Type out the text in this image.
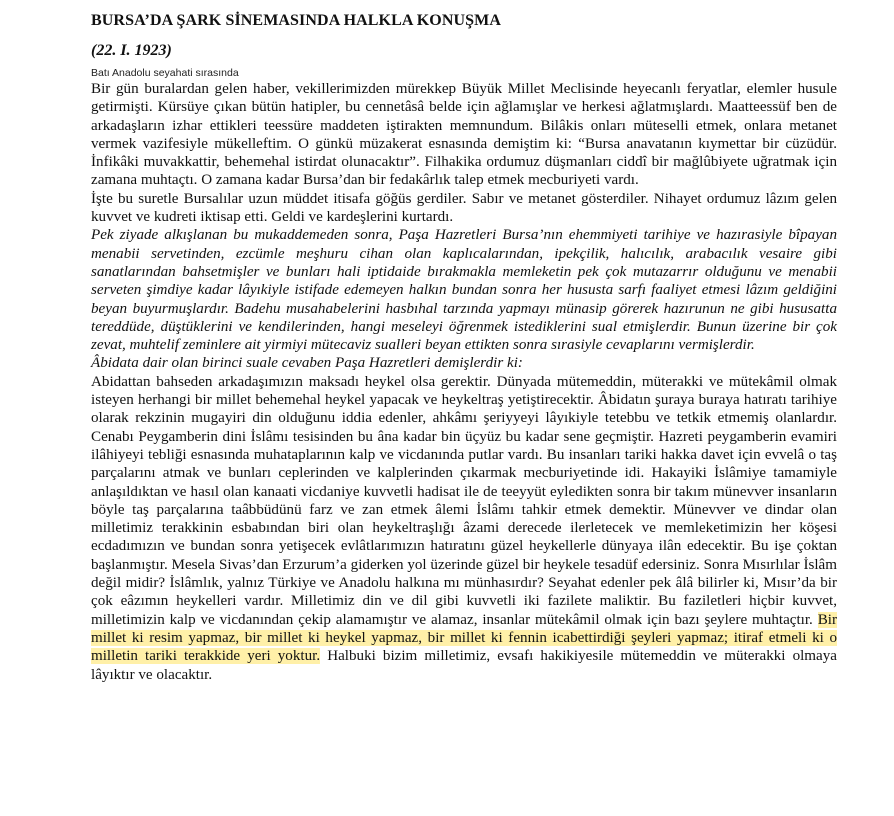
BURSA’DA ŞARK SİNEMASINDA HALKLA KONUŞMA
(22. I. 1923)
Batı Anadolu seyahati sırasında

Bir gün buralardan gelen haber, vekillerimizden mürekkep Büyük Millet Meclisinde heyecanlı feryatlar, elemler husule getirmişti. Kürsüye çıkan bütün hatipler, bu cennetâsâ belde için ağlamışlar ve herkesi ağlatmışlardı. Maatteessüf ben de arkadaşların izhar ettikleri teessüre maddeten iştirakten memnundum. Bilâkis onları müteselli etmek, onlara metanet vermek vazifesiyle mükelleftim. O günkü müzakerat esnasında demiştim ki: “Bursa anavatanın kıymettar bir cüzüdür. İnfikâki muvakkattir, behemehal istirdat olunacaktır”. Filhakika ordumuz düşmanları ciddî bir mağlûbiyete uğratmak için zamana muhtaçtı. O zamana kadar Bursa’dan bir fedakârlık talep etmek mecburiyeti vardı.

İşte bu suretle Bursalılar uzun müddet itisafa göğüs gerdiler. Sabır ve metanet gösterdiler. Nihayet ordumuz lâzım gelen kuvvet ve kudreti iktisap etti. Geldi ve kardeşlerini kurtardı.

Pek ziyade alkışlanan bu mukaddemeden sonra, Paşa Hazretleri Bursa’nın ehemmiyeti tarihiye ve hazırasiyle bîpayan menabii servetinden, ezcümle meşhuru cihan olan kaplıcalarından, ipekçilik, halıcılık, arabacılık vesaire gibi sanatlarından bahsetmişler ve bunları hali iptidaide bırakmakla memleketin pek çok mutazarrır olduğunu ve menabii serveten şimdiye kadar lâyıkiyle istifade edemeyen halkın bundan sonra her hususta sarfı faaliyet etmesi lâzım geldiğini beyan buyurmuşlardır. Badehu musahabelerini hasbıhal tarzında yapmayı münasip görerek hazırunun ne gibi hususatta tereddüde, düştüklerini ve kendilerinden, hangi meseleyi öğrenmek istediklerini sual etmişlerdir. Bunun üzerine bir çok zevat, muhtelif zeminlere ait yirmiyi mütecaviz sualleri beyan ettikten sonra sırasiyle cevaplarını vermişlerdir.

Âbidata dair olan birinci suale cevaben Paşa Hazretleri demişlerdir ki:

Abidattan bahseden arkadaşımızın maksadı heykel olsa gerektir. Dünyada mütemeddin, müterakki ve mütekâmil olmak isteyen herhangi bir millet behemehal heykel yapacak ve heykeltraş yetiştirecektir. Âbidatın şuraya buraya hatıratı tarihiye olarak rekzinin mugayiri din olduğunu iddia edenler, ahkâmı şeriyyeyi lâyıkiyle tetebbu ve tetkik etmemiş olanlardır. Cenabı Peygamberin dini İslâmı tesisinden bu âna kadar bin üçyüz bu kadar sene geçmiştir. Hazreti peygamberin evamiri ilâhiyeyi tebliği esnasında muhataplarının kalp ve vicdanında putlar vardı. Bu insanları tariki hakka davet için evvelâ o taş parçalarını atmak ve bunları ceplerinden ve kalplerinden çıkarmak mecburiyetinde idi. Hakayiki İslâmiye tamamiyle anlaşıldıktan ve hasıl olan kanaati vicdaniye kuvvetli hadisat ile de teeyyüt eyledikten sonra bir takım münevver insanların böyle taş parçalarına taâbbüdünü farz ve zan etmek âlemi İslâmı tahkir etmek demektir. Münevver ve dindar olan milletimiz terakkinin esbabından biri olan heykeltraşlığı âzami derecede ilerletecek ve memleketimizin her köşesi ecdadımızın ve bundan sonra yetişecek evlâtlarımızın hatıratını güzel heykellerle dünyaya ilân edecektir. Bu işe çoktan başlanmıştır. Mesela Sivas’dan Erzurum’a giderken yol üzerinde güzel bir heykele tesadüf edersiniz. Sonra Mısırlılar İslâm değil midir? İslâmlık, yalnız Türkiye ve Anadolu halkına mı münhasırdır? Seyahat edenler pek âlâ bilirler ki, Mısır’da bir çok eâzımın heykelleri vardır. Milletimiz din ve dil gibi kuvvetli iki fazilete maliktir. Bu faziletleri hiçbir kuvvet, milletimizin kalp ve vicdanından çekip alamamıştır ve alamaz, insanlar mütekâmil olmak için bazı şeylere muhtaçtır. Bir millet ki resim yapmaz, bir millet ki heykel yapmaz, bir millet ki fennin icabettirdiği şeyleri yapmaz; itiraf etmeli ki o milletin tariki terakkide yeri yoktur. Halbuki bizim milletimiz, evsafı hakikiyesile mütemeddin ve müterakki olmaya lâyıktır ve olacaktır.
